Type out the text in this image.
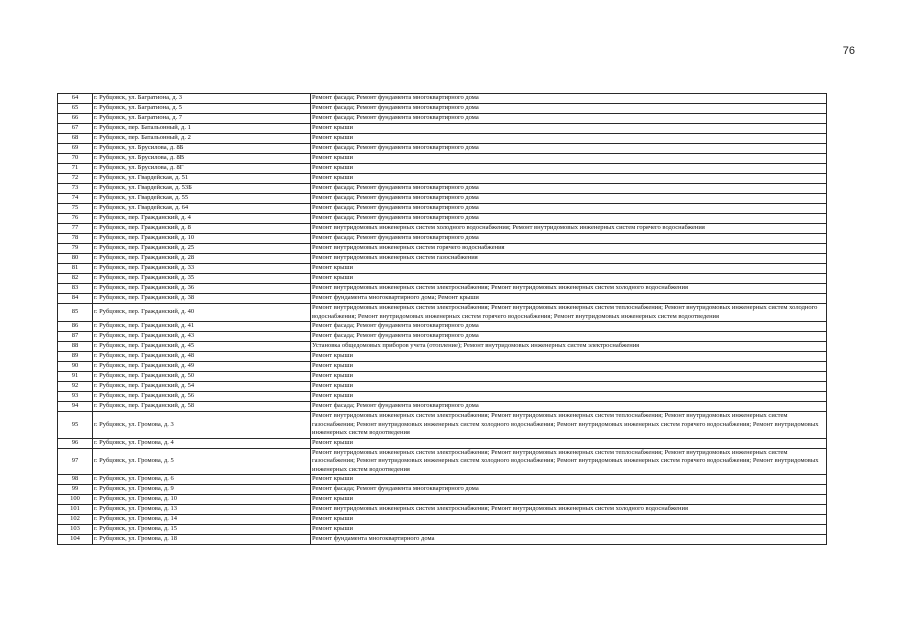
76
64	г. Рубцовск, ул. Багратиона, д. 3	Ремонт фасада; Ремонт фундамента многоквартирного дома
65	г. Рубцовск, ул. Багратиона, д. 5	Ремонт фасада; Ремонт фундамента многоквартирного дома
66	г. Рубцовск, ул. Багратиона, д. 7	Ремонт фасада; Ремонт фундамента многоквартирного дома
67	г. Рубцовск, пер. Батальонный, д. 1	Ремонт крыши
68	г. Рубцовск, пер. Батальонный, д. 2	Ремонт крыши
69	г. Рубцовск, ул. Брусилова, д. 8Б	Ремонт фасада; Ремонт фундамента многоквартирного дома
70	г. Рубцовск, ул. Брусилова, д. 8В	Ремонт крыши
71	г. Рубцовск, ул. Брусилова, д. 8Г	Ремонт крыши
72	г. Рубцовск, ул. Гвардейская, д. 51	Ремонт крыши
73	г. Рубцовск, ул. Гвардейская, д. 53Б	Ремонт фасада; Ремонт фундамента многоквартирного дома
74	г. Рубцовск, ул. Гвардейская, д. 55	Ремонт фасада; Ремонт фундамента многоквартирного дома
75	г. Рубцовск, ул. Гвардейская, д. 64	Ремонт фасада; Ремонт фундамента многоквартирного дома
76	г. Рубцовск, пер. Гражданский, д. 4	Ремонт фасада; Ремонт фундамента многоквартирного дома
77	г. Рубцовск, пер. Гражданский, д. 8	Ремонт внутридомовых инженерных систем холодного водоснабжения; Ремонт внутридомовых инженерных систем горячего водоснабжения
78	г. Рубцовск, пер. Гражданский, д. 10	Ремонт фасада; Ремонт фундамента многоквартирного дома
79	г. Рубцовск, пер. Гражданский, д. 25	Ремонт внутридомовых инженерных систем горячего водоснабжения
80	г. Рубцовск, пер. Гражданский, д. 28	Ремонт внутридомовых инженерных систем газоснабжения
81	г. Рубцовск, пер. Гражданский, д. 33	Ремонт крыши
82	г. Рубцовск, пер. Гражданский, д. 35	Ремонт крыши
83	г. Рубцовск, пер. Гражданский, д. 36	Ремонт внутридомовых инженерных систем электроснабжения; Ремонт внутридомовых инженерных систем холодного водоснабжения
84	г. Рубцовск, пер. Гражданский, д. 38	Ремонт фундамента многоквартирного дома; Ремонт крыши
85	г. Рубцовск, пер. Гражданский, д. 40	Ремонт внутридомовых инженерных систем электроснабжения; Ремонт внутридомовых инженерных систем теплоснабжения; Ремонт внутридомовых инженерных систем холодного водоснабжения; Ремонт внутридомовых инженерных систем горячего водоснабжения; Ремонт внутридомовых инженерных систем водоотведения
86	г. Рубцовск, пер. Гражданский, д. 41	Ремонт фасада; Ремонт фундамента многоквартирного дома
87	г. Рубцовск, пер. Гражданский, д. 43	Ремонт фасада; Ремонт фундамента многоквартирного дома
88	г. Рубцовск, пер. Гражданский, д. 45	Установка общедомовых приборов учета (отопление); Ремонт внутридомовых инженерных систем электроснабжения
89	г. Рубцовск, пер. Гражданский, д. 48	Ремонт крыши
90	г. Рубцовск, пер. Гражданский, д. 49	Ремонт крыши
91	г. Рубцовск, пер. Гражданский, д. 50	Ремонт крыши
92	г. Рубцовск, пер. Гражданский, д. 54	Ремонт крыши
93	г. Рубцовск, пер. Гражданский, д. 56	Ремонт крыши
94	г. Рубцовск, пер. Гражданский, д. 58	Ремонт фасада; Ремонт фундамента многоквартирного дома
95	г. Рубцовск, ул. Громова, д. 3	Ремонт внутридомовых инженерных систем электроснабжения; Ремонт внутридомовых инженерных систем теплоснабжения; Ремонт внутридомовых инженерных систем газоснабжения; Ремонт внутридомовых инженерных систем холодного водоснабжения; Ремонт внутридомовых инженерных систем горячего водоснабжения; Ремонт внутридомовых инженерных систем водоотведения
96	г. Рубцовск, ул. Громова, д. 4	Ремонт крыши
97	г. Рубцовск, ул. Громова, д. 5	Ремонт внутридомовых инженерных систем электроснабжения; Ремонт внутридомовых инженерных систем теплоснабжения; Ремонт внутридомовых инженерных систем газоснабжения; Ремонт внутридомовых инженерных систем холодного водоснабжения; Ремонт внутридомовых инженерных систем горячего водоснабжения; Ремонт внутридомовых инженерных систем водоотведения
98	г. Рубцовск, ул. Громова, д. 6	Ремонт крыши
99	г. Рубцовск, ул. Громова, д. 9	Ремонт фасада; Ремонт фундамента многоквартирного дома
100	г. Рубцовск, ул. Громова, д. 10	Ремонт крыши
101	г. Рубцовск, ул. Громова, д. 13	Ремонт внутридомовых инженерных систем электроснабжения; Ремонт внутридомовых инженерных систем холодного водоснабжения
102	г. Рубцовск, ул. Громова, д. 14	Ремонт крыши
103	г. Рубцовск, ул. Громова, д. 15	Ремонт крыши
104	г. Рубцовск, ул. Громова, д. 18	Ремонт фундамента многоквартирного дома
